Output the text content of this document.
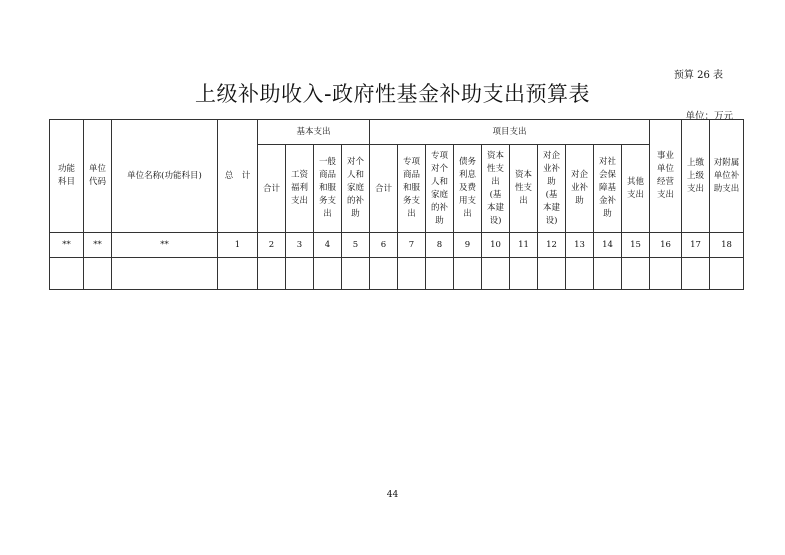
预算 26 表
上级补助收入-政府性基金补助支出预算表
单位：万元
功能科目	单位代码	单位名称(功能科目)	总　计	基本支出				项目支出										事业单位经营支出	上缴上级支出	对附属单位补助支出
				合计	工资福利支出	一般商品和服务支出	对个人和家庭的补助	合计	专项商品和服务支出	专项对个人和家庭的补助	债务利息及费用支出	资本性支出(基本建设)	资本性支出	对企业补助(基本建设)	对企业补助	对社会保障基金补助	其他支出			
**	**	**	1	2	3	4	5	6	7	8	9	10	11	12	13	14	15	16	17	18

44
